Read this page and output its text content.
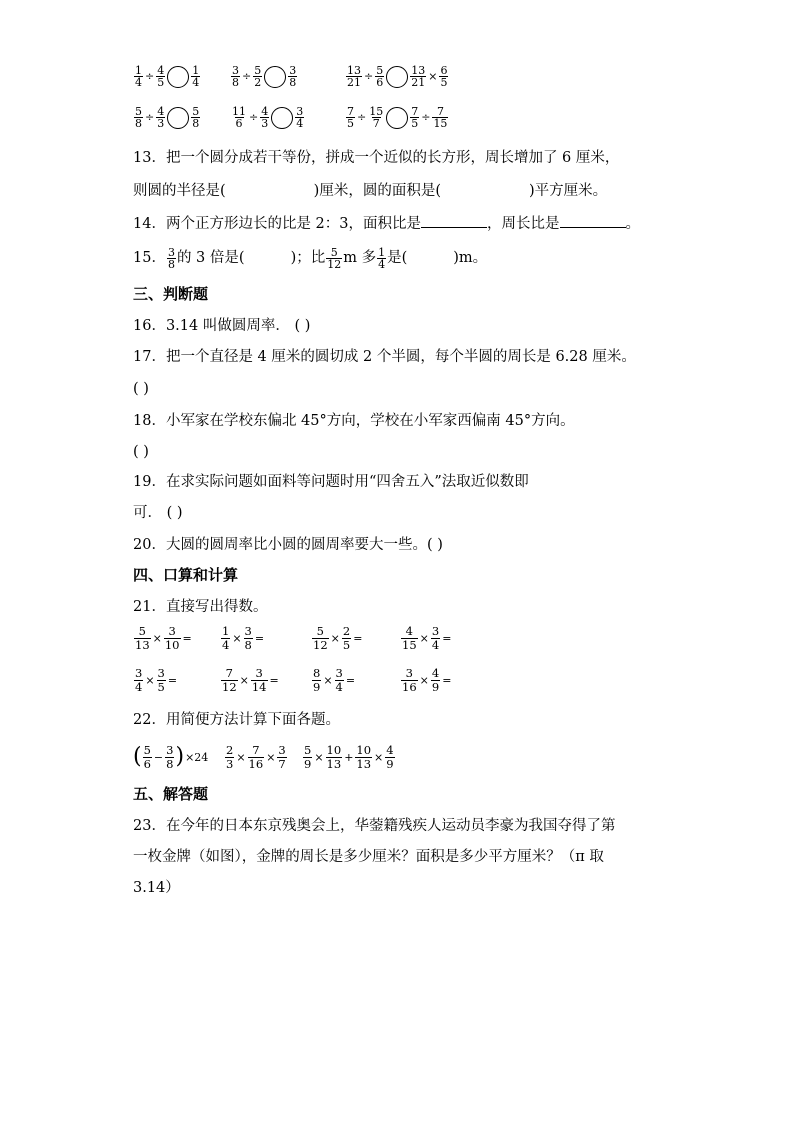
$\frac{1}{4} \div \frac{4}{5} \frac{1}{4}$	$\frac{3}{8} \div \frac{5}{2} \frac{3}{8}$	$\frac{13}{21} \div \frac{5}{6} \frac{13}{21} \times \frac{6}{5}$
$\frac{5}{8} \div \frac{4}{3} \frac{5}{8}$	$\frac{11}{6} \div \frac{4}{3} \frac{3}{4}$	$\frac{7}{5} \div \frac{15}{7} \frac{7}{5} \div \frac{7}{15}$
13．把一个圆分成若干等份，拼成一个近似的长方形，周长增加了 6 厘米，
则圆的半径是(	)厘米，圆的面积是(	)平方厘米。
14．两个正方形边长的比是 2：3，面积比是	，周长比是	。
15． $\frac{3}{8}$ 的 3 倍是(	)；比 $\frac{5}{12}$ m 多 $\frac{1}{4}$ 是(	)m。
三、判断题
16．3.14 叫做圆周率． ( )
17．把一个直径是 4 厘米的圆切成 2 个半圆，每个半圆的周长是 6.28 厘米。
( )
18．小军家在学校东偏北 45°方向，学校在小军家西偏南 45°方向。
( )
19．在求实际问题如面料等问题时用“四舍五入”法取近似数即
可． ( )
20．大圆的圆周率比小圆的圆周率要大一些。( )
四、口算和计算
21．直接写出得数。
$\frac{5}{13} \times \frac{3}{10}$ =	$\frac{1}{4} \times \frac{3}{8}$ =	$\frac{5}{12} \times \frac{2}{5}$ =	$\frac{4}{15} \times \frac{3}{4}$ =
$\frac{3}{4} \times \frac{3}{5}$ =	$\frac{7}{12} \times \frac{3}{14}$ =	$\frac{8}{9} \times \frac{3}{4}$ =	$\frac{3}{16} \times \frac{4}{9}$ =
22．用简便方法计算下面各题。
( $\frac{5}{6} - \frac{3}{8}$ ) $\times 24 \frac{2}{3} \times \frac{7}{16} \times \frac{3}{7} \frac{5}{9} \times \frac{10}{13} + \frac{10}{13} \times \frac{4}{9}$
五、解答题
23．在今年的日本东京残奥会上，华蓥籍残疾人运动员李豪为我国夺得了第
一枚金牌（如图），金牌的周长是多少厘米？面积是多少平方厘米？（π 取
3.14）
